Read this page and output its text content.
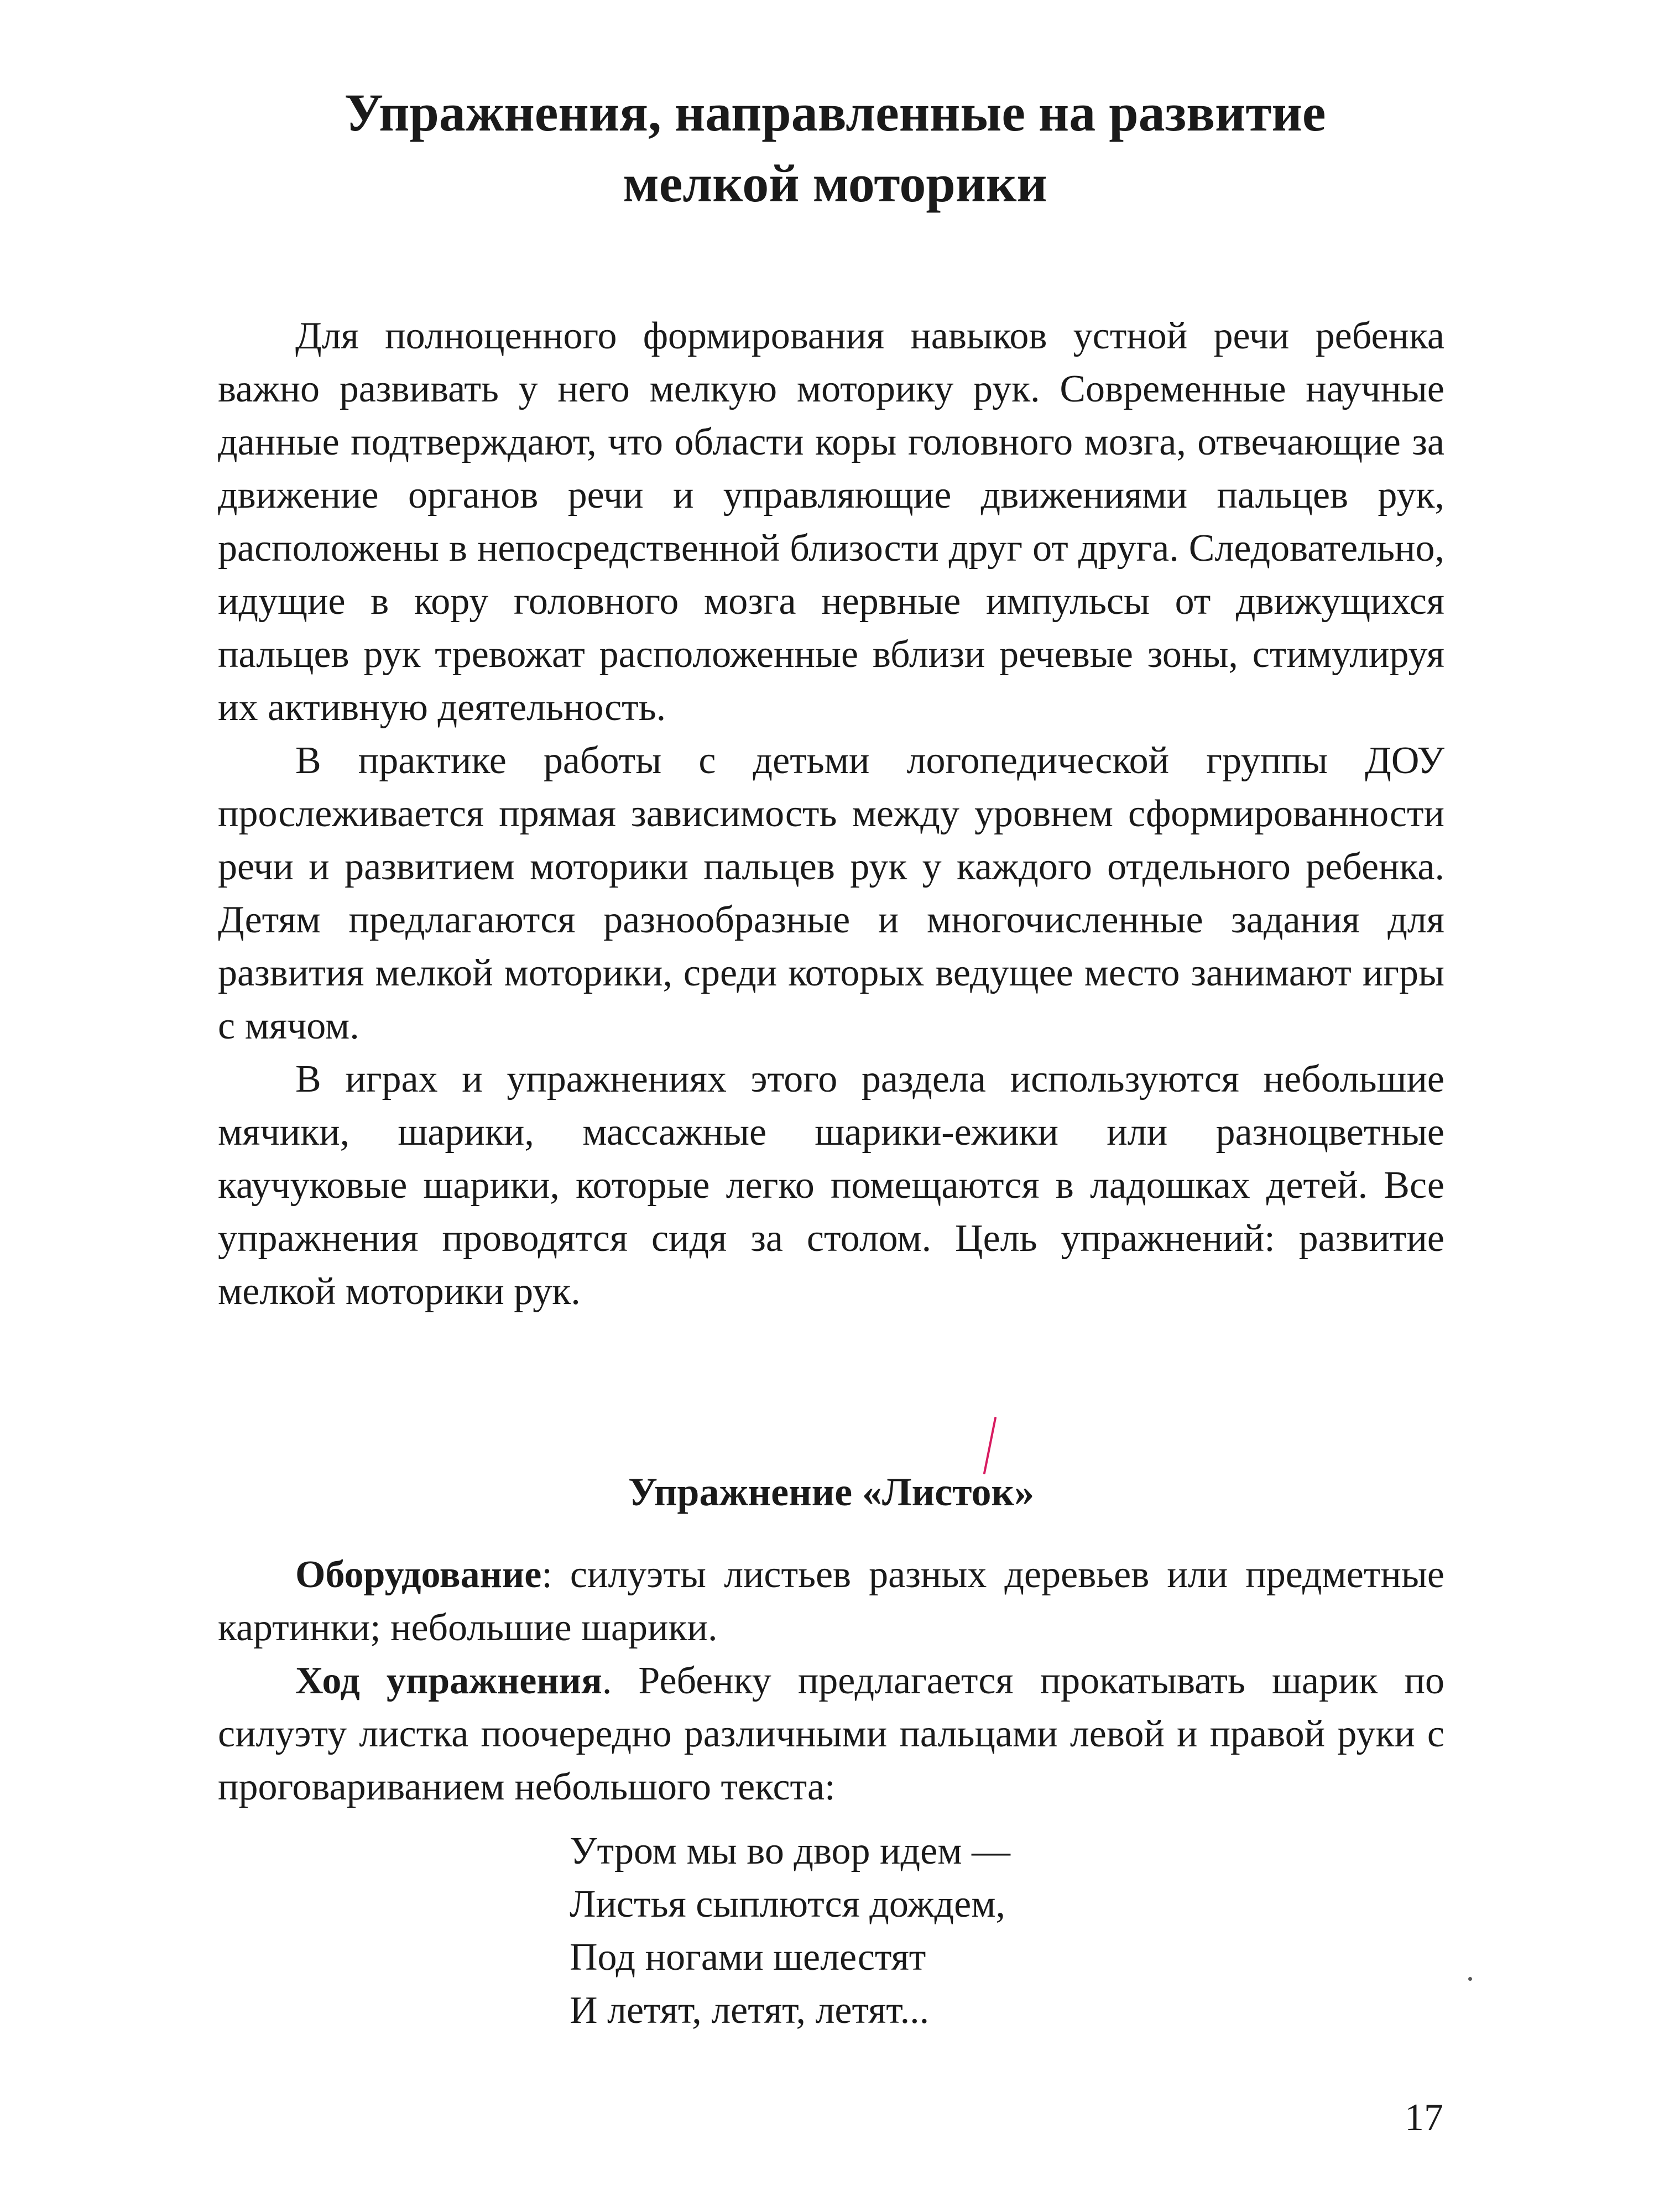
Упражнения, направленные на развитие
мелкой моторики

Для полноценного формирования навыков устной речи ребенка важно развивать у него мелкую моторику рук. Современные научные данные подтверждают, что области коры головного мозга, отвечающие за движение органов речи и управляющие движениями пальцев рук, расположены в непосредственной близости друг от друга. Следовательно, идущие в кору головного мозга нервные импульсы от движущихся пальцев рук тревожат расположенные вблизи речевые зоны, стимулируя их активную деятельность.

В практике работы с детьми логопедической группы ДОУ прослеживается прямая зависимость между уровнем сформированности речи и развитием моторики пальцев рук у каждого отдельного ребенка. Детям предлагаются разнообразные и многочисленные задания для развития мелкой моторики, среди которых ведущее место занимают игры с мячом.

В играх и упражнениях этого раздела используются небольшие мячики, шарики, массажные шарики-ежики или разноцветные каучуковые шарики, которые легко помещаются в ладошках детей. Все упражнения проводятся сидя за столом. Цель упражнений: развитие мелкой моторики рук.

Упражнение «Листок»

Оборудование: силуэты листьев разных деревьев или предметные картинки; небольшие шарики.

Ход упражнения. Ребенку предлагается прокатывать шарик по силуэту листка поочередно различными пальцами левой и правой руки с проговариванием небольшого текста:

Утром мы во двор идем —
Листья сыплются дождем,
Под ногами шелестят
И летят, летят, летят...
17
